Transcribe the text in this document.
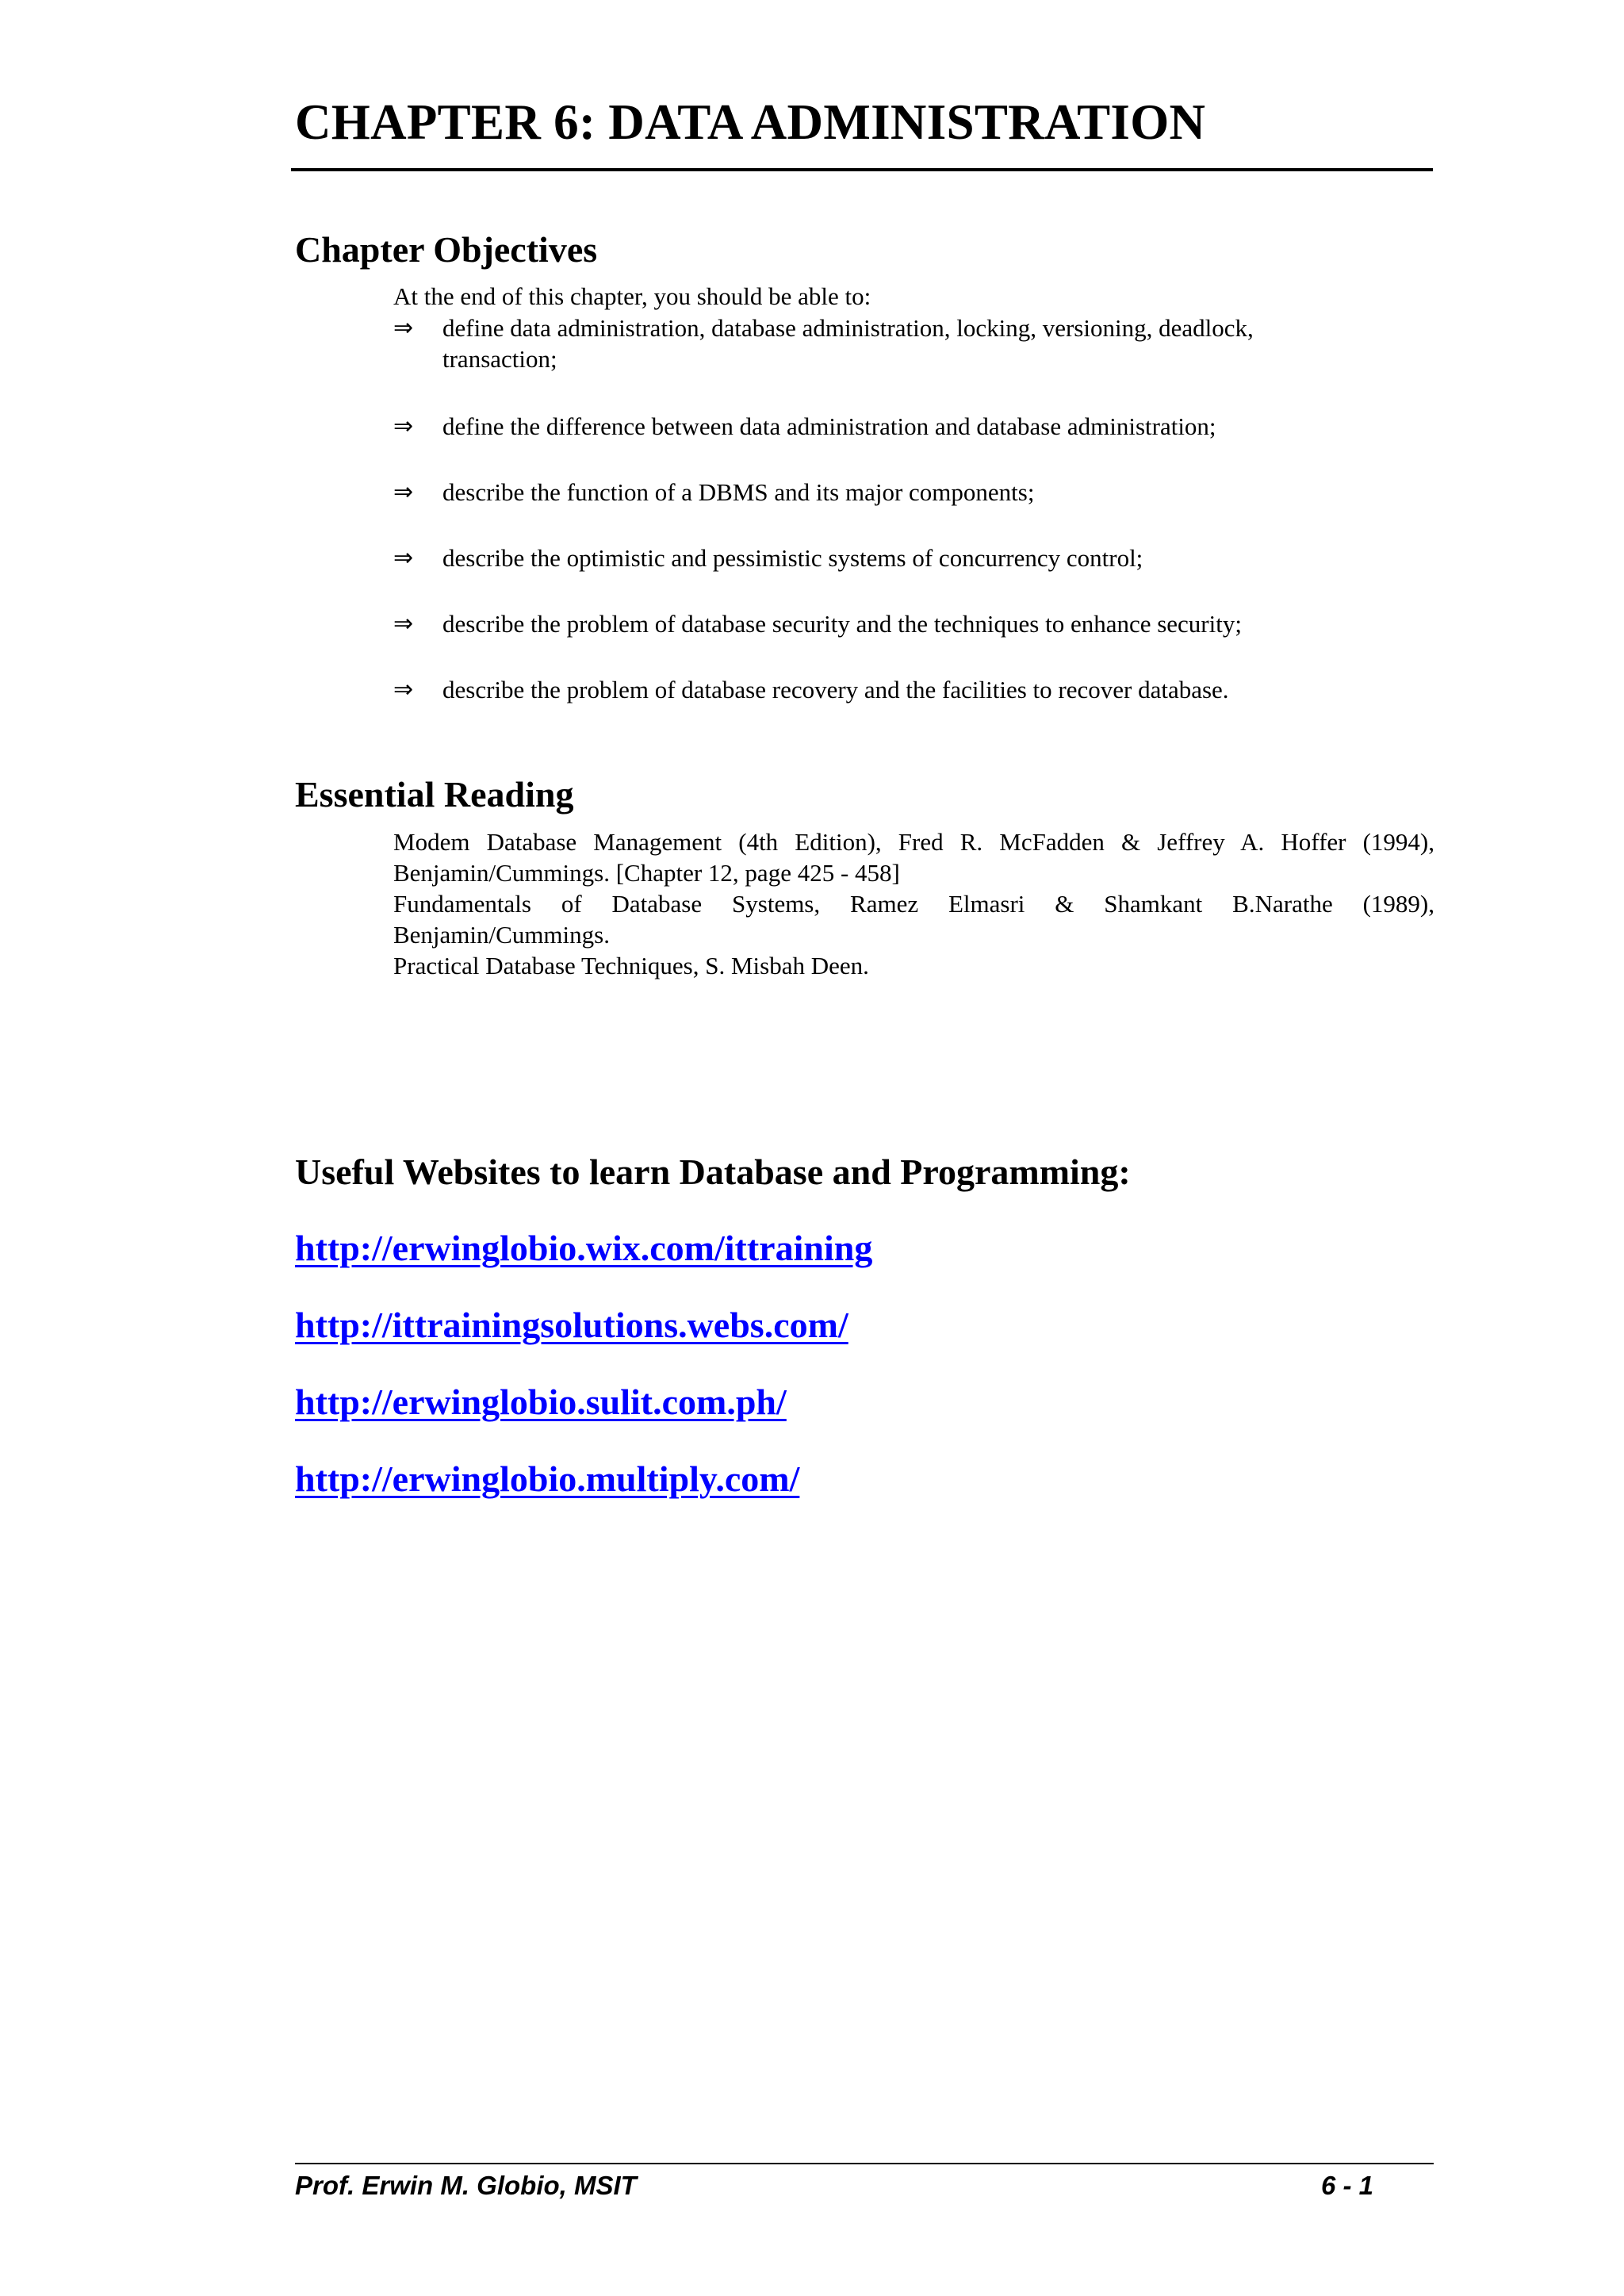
CHAPTER 6: DATA ADMINISTRATION
Chapter Objectives
At the end of this chapter, you should be able to:
⇒	define data administration, database administration, locking, versioning, deadlock, transaction;
⇒	define the difference between data administration and database administration;
⇒	describe the function of a DBMS and its major components;
⇒	describe the optimistic and pessimistic systems of concurrency control;
⇒	describe the problem of database security and the techniques to enhance security;
⇒	describe the problem of database recovery and the facilities to recover database.
Essential Reading
Modem Database Management (4th Edition), Fred R. McFadden & Jeffrey A. Hoffer (1994),
Benjamin/Cummings. [Chapter 12, page 425 - 458]
Fundamentals of Database Systems, Ramez Elmasri & Shamkant B.Narathe (1989),
Benjamin/Cummings.
Practical Database Techniques, S. Misbah Deen.
Useful Websites to learn Database and Programming:
http://erwinglobio.wix.com/ittraining
http://ittrainingsolutions.webs.com/
http://erwinglobio.sulit.com.ph/
http://erwinglobio.multiply.com/
Prof. Erwin M. Globio, MSIT	6 - 1
